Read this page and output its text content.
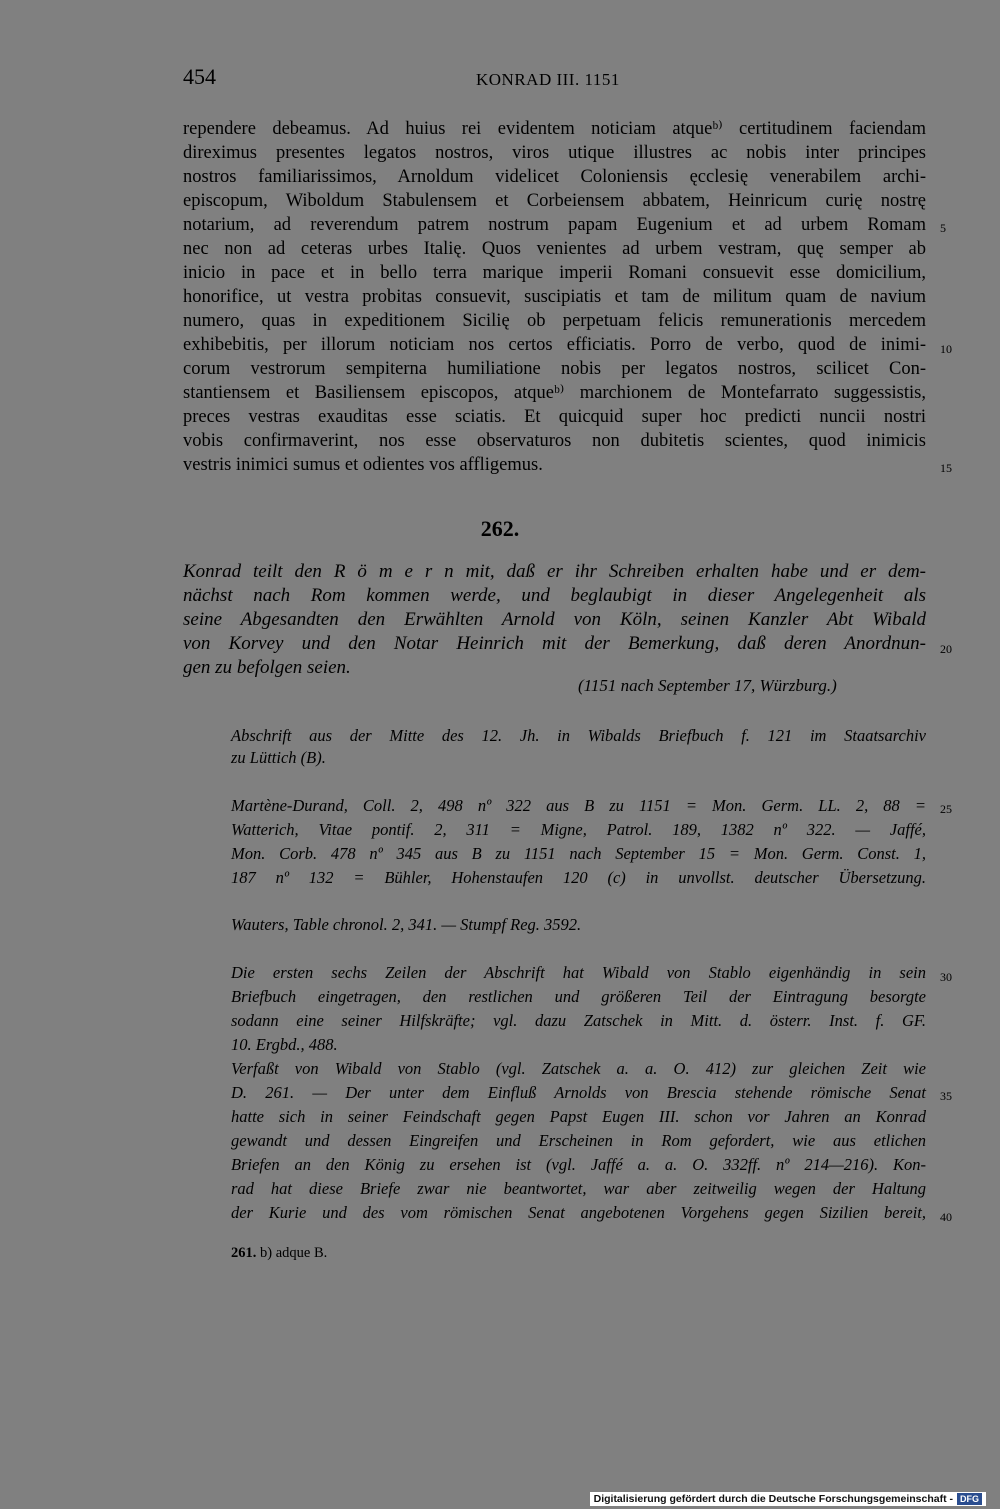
454	KONRAD III. 1151
rependere debeamus. Ad huius rei evidentem noticiam atqueᵇ⁾ certitudinem faciendam
direximus presentes legatos nostros, viros utique illustres ac nobis inter principes
nostros familiarissimos, Arnoldum videlicet Coloniensis ęcclesię venerabilem archi-
episcopum, Wiboldum Stabulensem et Corbeiensem abbatem, Heinricum curię nostrę
notarium, ad reverendum patrem nostrum papam Eugenium et ad urbem Romam
nec non ad ceteras urbes Italię. Quos venientes ad urbem vestram, quę semper ab
inicio in pace et in bello terra marique imperii Romani consuevit esse domicilium,
honorifice, ut vestra probitas consuevit, suscipiatis et tam de militum quam de navium
numero, quas in expeditionem Sicilię ob perpetuam felicis remunerationis mercedem
exhibebitis, per illorum noticiam nos certos efficiatis. Porro de verbo, quod de inimi-
corum vestrorum sempiterna humiliatione nobis per legatos nostros, scilicet Con-
stantiensem et Basiliensem episcopos, atqueᵇ⁾ marchionem de Montefarrato suggessistis,
preces vestras exauditas esse sciatis. Et quicquid super hoc predicti nuncii nostri
vobis confirmaverint, nos esse observaturos non dubitetis scientes, quod inimicis
vestris inimici sumus et odientes vos affligemus.
5
10
15
262.
Konrad teilt den R ö m e r n mit, daß er ihr Schreiben erhalten habe und er dem-
nächst nach Rom kommen werde, und beglaubigt in dieser Angelegenheit als
seine Abgesandten den Erwählten Arnold von Köln, seinen Kanzler Abt Wibald
von Korvey und den Notar Heinrich mit der Bemerkung, daß deren Anordnun-
gen zu befolgen seien.
20
(1151 nach September 17, Würzburg.)
Abschrift aus der Mitte des 12. Jh. in Wibalds Briefbuch f. 121 im Staatsarchiv
zu Lüttich (B).
Martène-Durand, Coll. 2, 498 nº 322 aus B zu 1151 = Mon. Germ. LL. 2, 88 =
Watterich, Vitae pontif. 2, 311 = Migne, Patrol. 189, 1382 nº 322. — Jaffé,
Mon. Corb. 478 nº 345 aus B zu 1151 nach September 15 = Mon. Germ. Const. 1,
187 nº 132 = Bühler, Hohenstaufen 120 (c) in unvollst. deutscher Übersetzung.
Wauters, Table chronol. 2, 341. — Stumpf Reg. 3592.
Die ersten sechs Zeilen der Abschrift hat Wibald von Stablo eigenhändig in sein
Briefbuch eingetragen, den restlichen und größeren Teil der Eintragung besorgte
sodann eine seiner Hilfskräfte; vgl. dazu Zatschek in Mitt. d. österr. Inst. f. GF.
10. Ergbd., 488.
Verfaßt von Wibald von Stablo (vgl. Zatschek a. a. O. 412) zur gleichen Zeit wie
D. 261. — Der unter dem Einfluß Arnolds von Brescia stehende römische Senat
hatte sich in seiner Feindschaft gegen Papst Eugen III. schon vor Jahren an Konrad
gewandt und dessen Eingreifen und Erscheinen in Rom gefordert, wie aus etlichen
Briefen an den König zu ersehen ist (vgl. Jaffé a. a. O. 332ff. nº 214—216). Kon-
rad hat diese Briefe zwar nie beantwortet, war aber zeitweilig wegen der Haltung
der Kurie und des vom römischen Senat angebotenen Vorgehens gegen Sizilien bereit,
25
30
35
40
261. b) adque B.
Digitalisierung gefördert durch die Deutsche Forschungsgemeinschaft - DFG
